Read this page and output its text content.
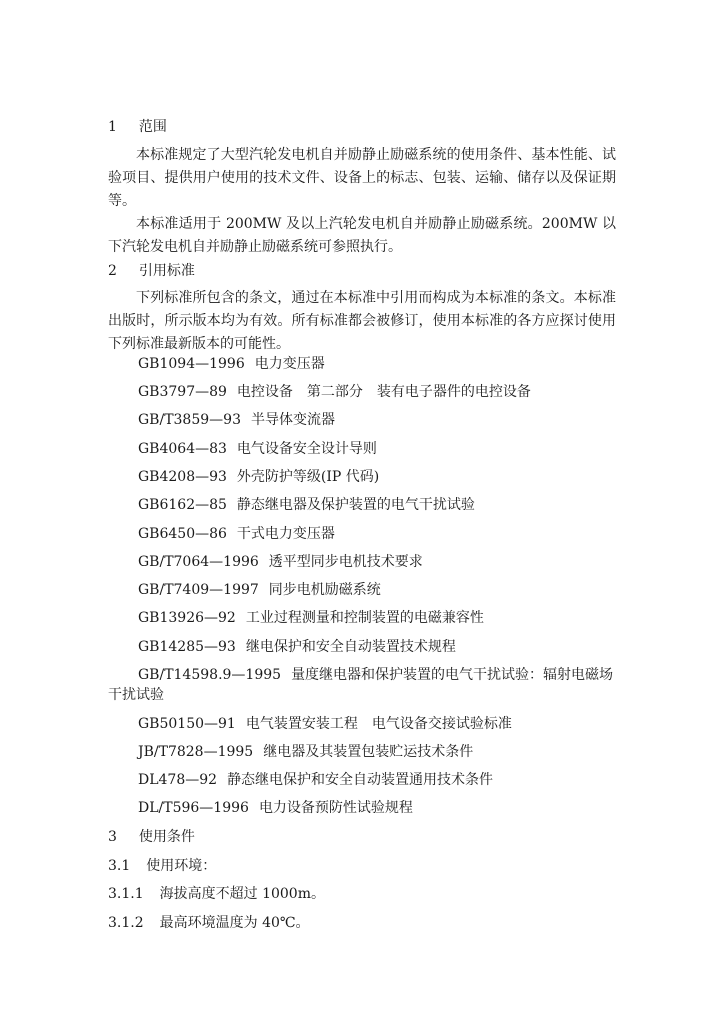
1 范围
本标准规定了大型汽轮发电机自并励静止励磁系统的使用条件、基本性能、试验项目、提供用户使用的技术文件、设备上的标志、包装、运输、储存以及保证期等。
本标准适用于 200MW 及以上汽轮发电机自并励静止励磁系统。200MW 以下汽轮发电机自并励静止励磁系统可参照执行。
2 引用标准
下列标准所包含的条文，通过在本标准中引用而构成为本标准的条文。本标准出版时，所示版本均为有效。所有标准都会被修订，使用本标准的各方应探讨使用下列标准最新版本的可能性。
GB1094—1996 电力变压器
GB3797—89 电控设备　第二部分　装有电子器件的电控设备
GB/T3859—93 半导体变流器
GB4064—83 电气设备安全设计导则
GB4208—93 外壳防护等级(IP 代码)
GB6162—85 静态继电器及保护装置的电气干扰试验
GB6450—86 干式电力变压器
GB/T7064—1996 透平型同步电机技术要求
GB/T7409—1997 同步电机励磁系统
GB13926—92 工业过程测量和控制装置的电磁兼容性
GB14285—93 继电保护和安全自动装置技术规程
GB/T14598.9—1995 量度继电器和保护装置的电气干扰试验：辐射电磁场
干扰试验
GB50150—91 电气装置安装工程　电气设备交接试验标准
JB/T7828—1995 继电器及其装置包装贮运技术条件
DL478—92 静态继电保护和安全自动装置通用技术条件
DL/T596—1996 电力设备预防性试验规程
3 使用条件
3.1 使用环境：
3.1.1 海拔高度不超过 1000m。
3.1.2 最高环境温度为 40℃。
